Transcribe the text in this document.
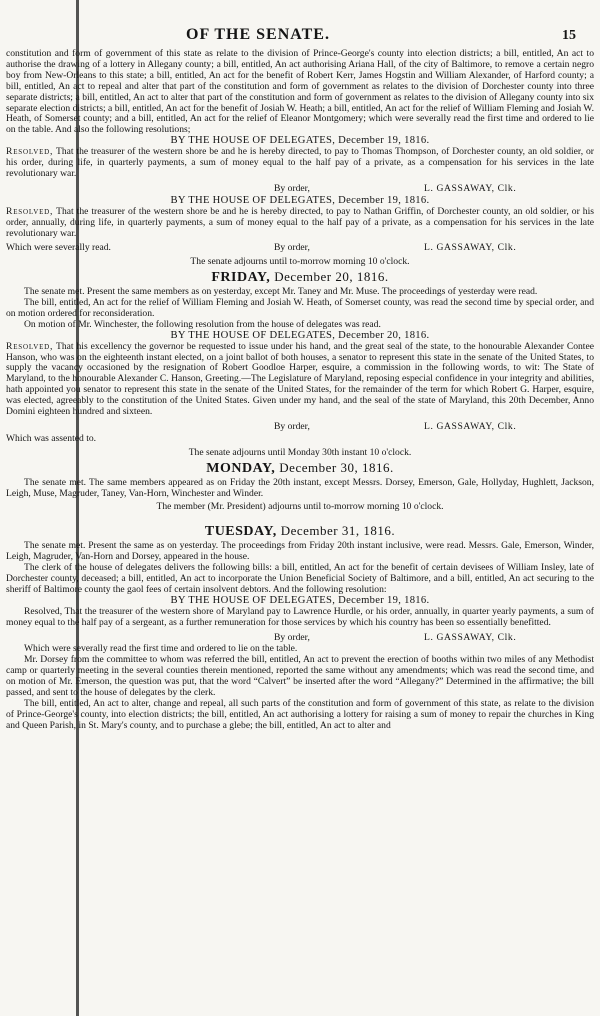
OF THE SENATE.	15

constitution and form of government of this state as relate to the division of Prince-George's county into election districts; a bill, entitled, An act to authorise the drawing of a lottery in Allegany county; a bill, entitled, An act authorising Ariana Hall, of the city of Baltimore, to remove a certain negro boy from New-Orleans to this state; a bill, entitled, An act for the benefit of Robert Kerr, James Hogstin and William Alexander, of Harford county; a bill, entitled, An act to repeal and alter that part of the constitution and form of government as relates to the division of Dorchester county into three separate districts; a bill, entitled, An act to alter that part of the constitution and form of government as relates to the division of Allegany county into six separate election districts; a bill, entitled, An act for the benefit of Josiah W. Heath; a bill, entitled, An act for the relief of William Fleming and Josiah W. Heath, of Somerset county; and a bill, entitled, An act for the relief of Eleanor Montgomery; which were severally read the first time and ordered to lie on the table. And also the following resolutions;

BY THE HOUSE OF DELEGATES, December 19, 1816.

Resolved, That the treasurer of the western shore be and he is hereby directed, to pay to Thomas Thompson, of Dorchester county, an old soldier, or his order, during life, in quarterly payments, a sum of money equal to the half pay of a private, as a compensation for his services in the late revolutionary war.

By order,	L. GASSAWAY, Clk.
BY THE HOUSE OF DELEGATES, December 19, 1816.

Resolved, That the treasurer of the western shore be and he is hereby directed, to pay to Nathan Griffin, of Dorchester county, an old soldier, or his order, annually, during life, in quarterly payments, a sum of money equal to the half pay of a private, as a compensation for his services in the late revolutionary war.

Which were severally read.	By order,	L. GASSAWAY, Clk.
The senate adjourns until to-morrow morning 10 o'clock.
FRIDAY, December 20, 1816.

The senate met. Present the same members as on yesterday, except Mr. Taney and Mr. Muse. The proceedings of yesterday were read.

The bill, entitled, An act for the relief of William Fleming and Josiah W. Heath, of Somerset county, was read the second time by special order, and on motion ordered for reconsideration.

On motion of Mr. Winchester, the following resolution from the house of delegates was read.

BY THE HOUSE OF DELEGATES, December 20, 1816.

Resolved, That his excellency the governor be requested to issue under his hand, and the great seal of the state, to the honourable Alexander Contee Hanson, who was on the eighteenth instant elected, on a joint ballot of both houses, a senator to represent this state in the senate of the United States, to supply the vacancy occasioned by the resignation of Robert Goodloe Harper, esquire, a commission in the following words, to wit: The State of Maryland, to the honourable Alexander C. Hanson, Greeting.—The Legislature of Maryland, reposing especial confidence in your integrity and abilities, hath appointed you senator to represent this state in the senate of the United States, for the remainder of the term for which Robert G. Harper, esquire, was elected, agreeably to the constitution of the United States. Given under my hand, and the seal of the state of Maryland, this 20th December, Anno Domini eighteen hundred and sixteen.

By order,	L. GASSAWAY, Clk.

Which was assented to.

The senate adjourns until Monday 30th instant 10 o'clock.
MONDAY, December 30, 1816.

The senate met. The same members appeared as on Friday the 20th instant, except Messrs. Dorsey, Emerson, Gale, Hollyday, Hughlett, Jackson, Leigh, Muse, Magruder, Taney, Van-Horn, Winchester and Winder.

The member (Mr. President) adjourns until to-morrow morning 10 o'clock.
TUESDAY, December 31, 1816.

The senate met. Present the same as on yesterday. The proceedings from Friday 20th instant inclusive, were read. Messrs. Gale, Emerson, Winder, Leigh, Magruder, Van-Horn and Dorsey, appeared in the house.

The clerk of the house of delegates delivers the following bills: a bill, entitled, An act for the benefit of certain devisees of William Insley, late of Dorchester county, deceased; a bill, entitled, An act to incorporate the Union Beneficial Society of Baltimore, and a bill, entitled, An act securing to the sheriff of Baltimore county the gaol fees of certain insolvent debtors. And the following resolution:

BY THE HOUSE OF DELEGATES, December 19, 1816.

Resolved, That the treasurer of the western shore of Maryland pay to Lawrence Hurdle, or his order, annually, in quarter yearly payments, a sum of money equal to the half pay of a sergeant, as a further remuneration for those services by which his country has been so essentially benefitted.

By order,	L. GASSAWAY, Clk.

Which were severally read the first time and ordered to lie on the table.

Mr. Dorsey from the committee to whom was referred the bill, entitled, An act to prevent the erection of booths within two miles of any Methodist camp or quarterly meeting in the several counties therein mentioned, reported the same without any amendments; which was read the second time, and on motion of Mr. Emerson, the question was put, that the word “Calvert” be inserted after the word “Allegany?” Determined in the affirmative; the bill passed, and sent to the house of delegates by the clerk.

The bill, entitled, An act to alter, change and repeal, all such parts of the constitution and form of government of this state, as relate to the division of Prince-George's county, into election districts; the bill, entitled, An act authorising a lottery for raising a sum of money to repair the churches in King and Queen Parish, in St. Mary's county, and to purchase a glebe; the bill, entitled, An act to alter and
